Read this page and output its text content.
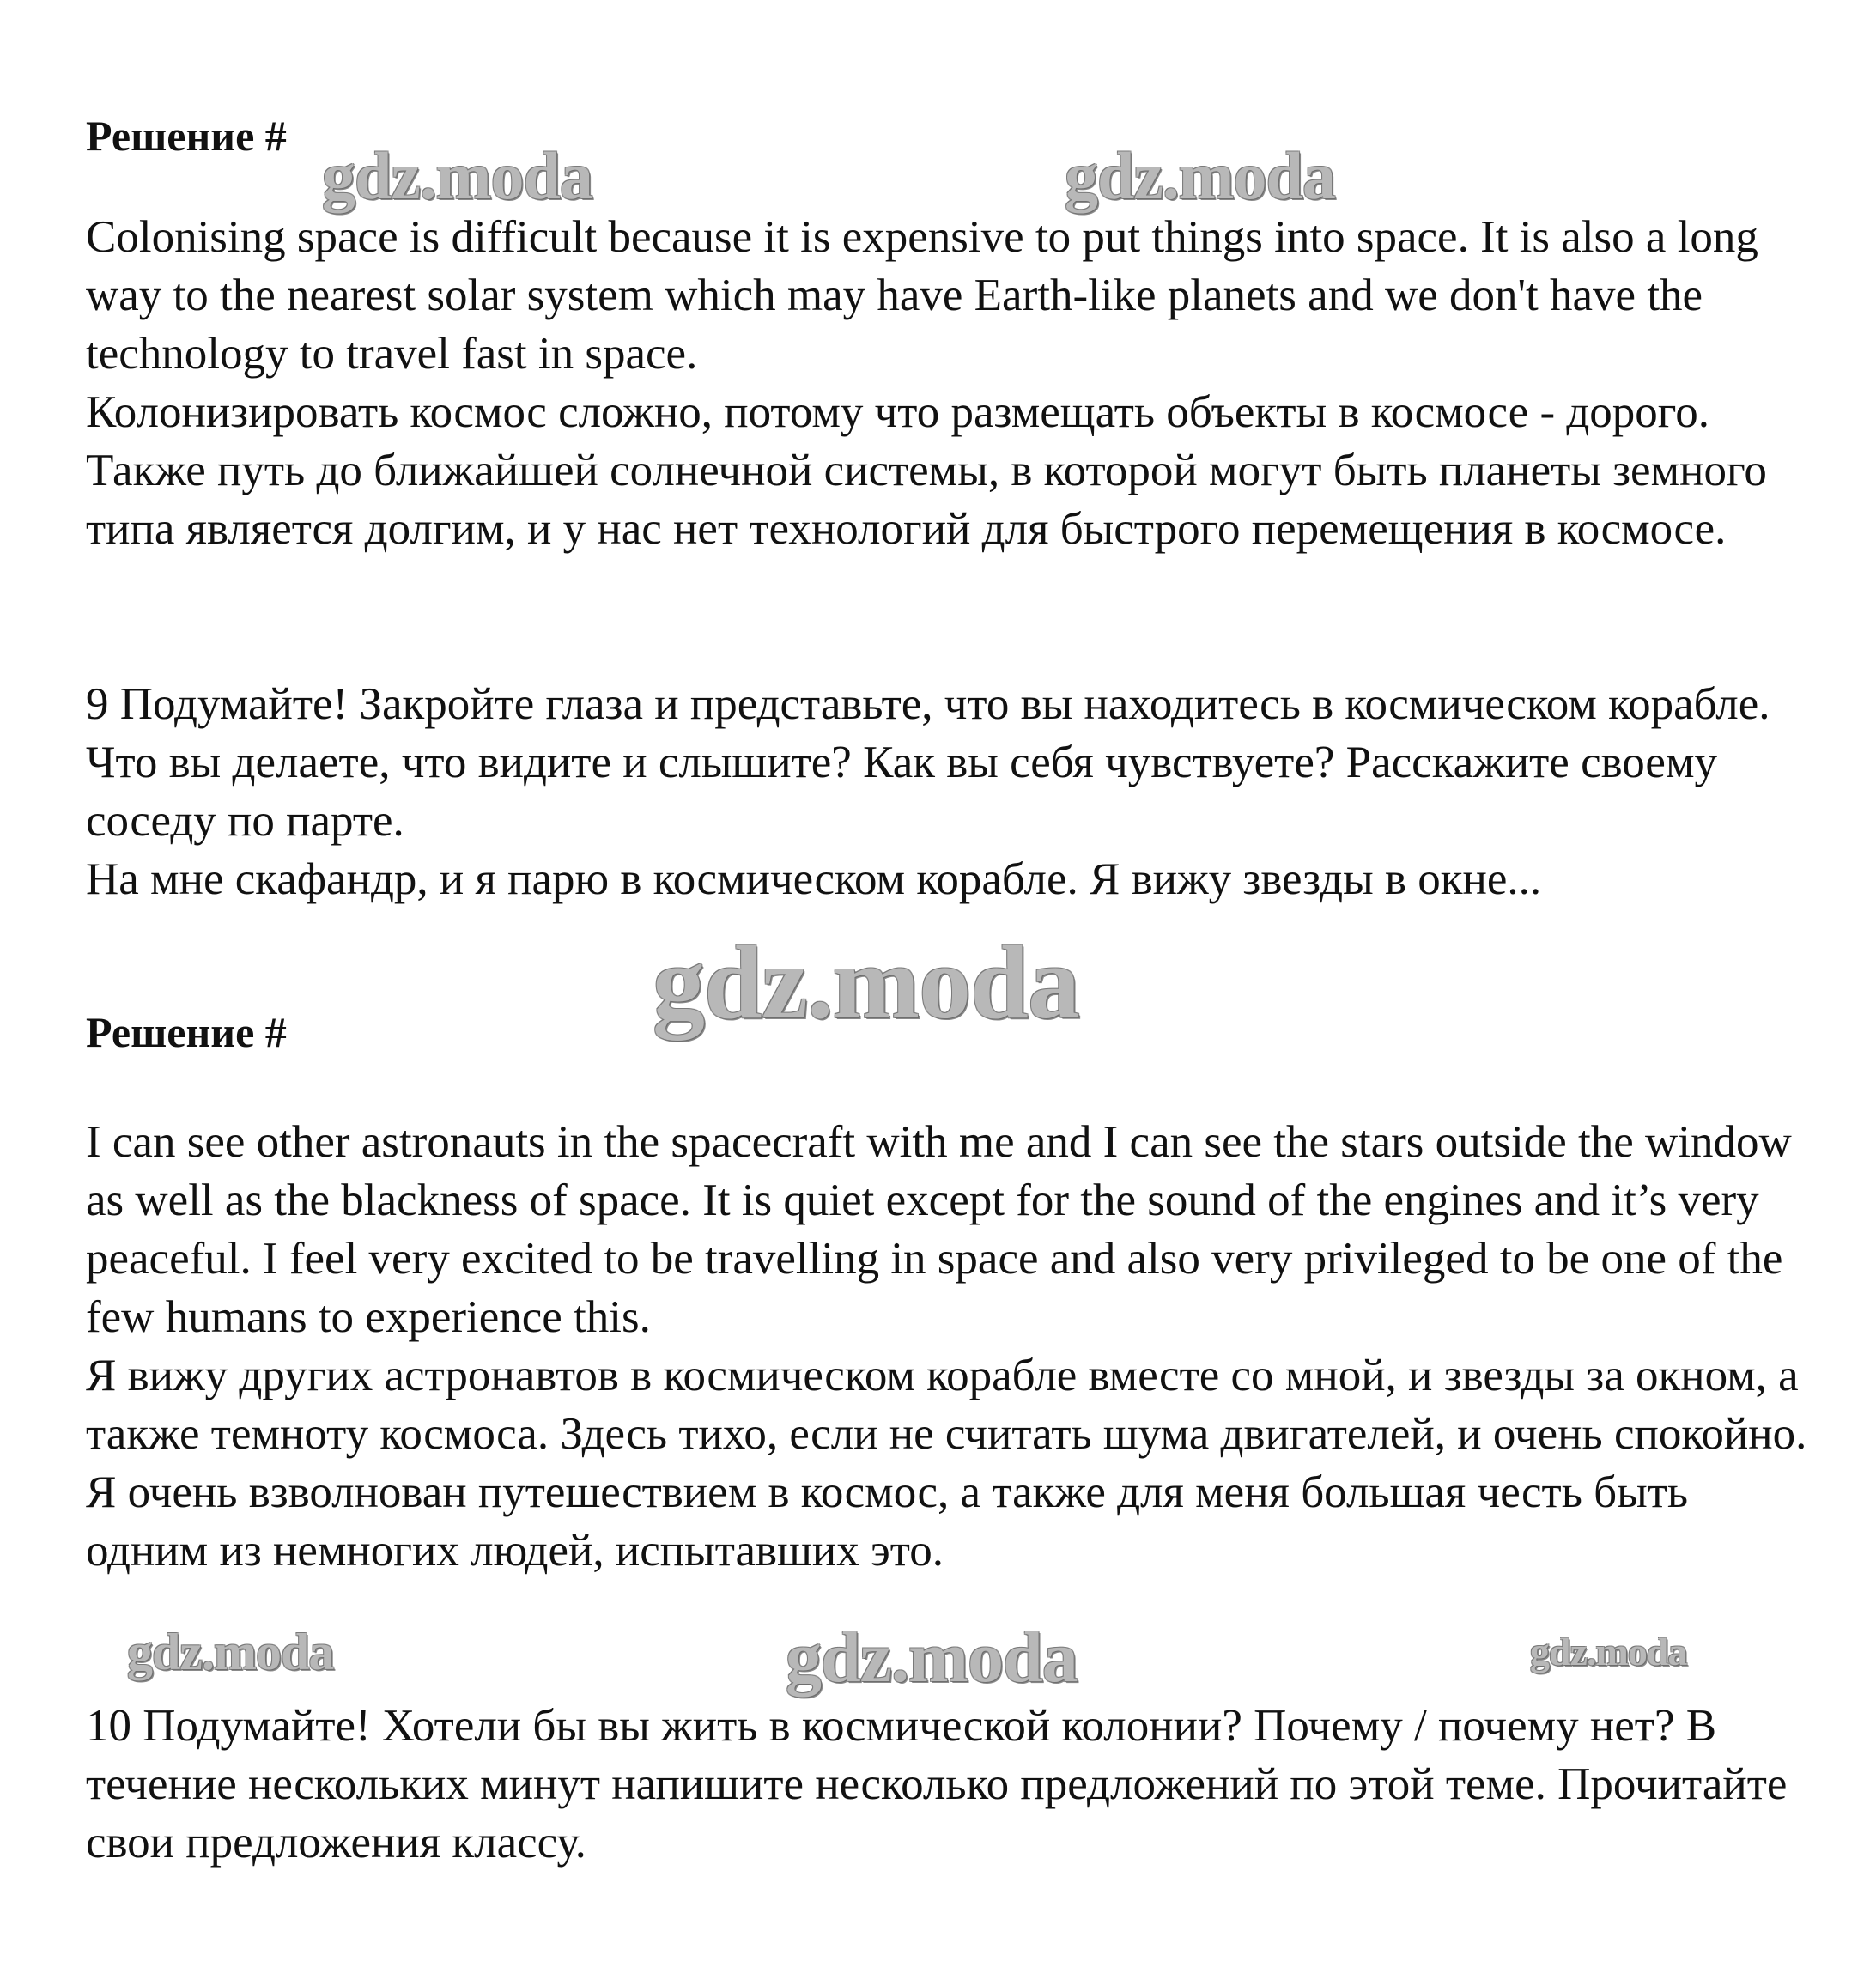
Решение #

Colonising space is difficult because it is expensive to put things into space. It is also a long way to the nearest solar system which may have Earth-like planets and we don't have the technology to travel fast in space.

Колонизировать космос сложно, потому что размещать объекты в космосе - дорого. Также путь до ближайшей солнечной системы, в которой могут быть планеты земного типа является долгим, и у нас нет технологий для быстрого перемещения в космосе.

9 Подумайте! Закройте глаза и представьте, что вы находитесь в космическом корабле. Что вы делаете, что видите и слышите? Как вы себя чувствуете? Расскажите своему соседу по парте.

На мне скафандр, и я парю в космическом корабле. Я вижу звезды в окне...

Решение #

I can see other astronauts in the spacecraft with me and I can see the stars outside the window as well as the blackness of space. It is quiet except for the sound of the engines and it’s very peaceful. I feel very excited to be travelling in space and also very privileged to be one of the few humans to experience this.

Я вижу других астронавтов в космическом корабле вместе со мной, и звезды за окном, а также темноту космоса. Здесь тихо, если не считать шума двигателей, и очень спокойно. Я очень взволнован путешествием в космос, а также для меня большая честь быть одним из немногих людей, испытавших это.

10 Подумайте! Хотели бы вы жить в космической колонии? Почему / почему нет? В течение нескольких минут напишите несколько предложений по этой теме. Прочитайте свои предложения классу.

gdz.moda	gdz.moda
gdz.moda
gdz.moda	gdz.moda	gdz.moda
